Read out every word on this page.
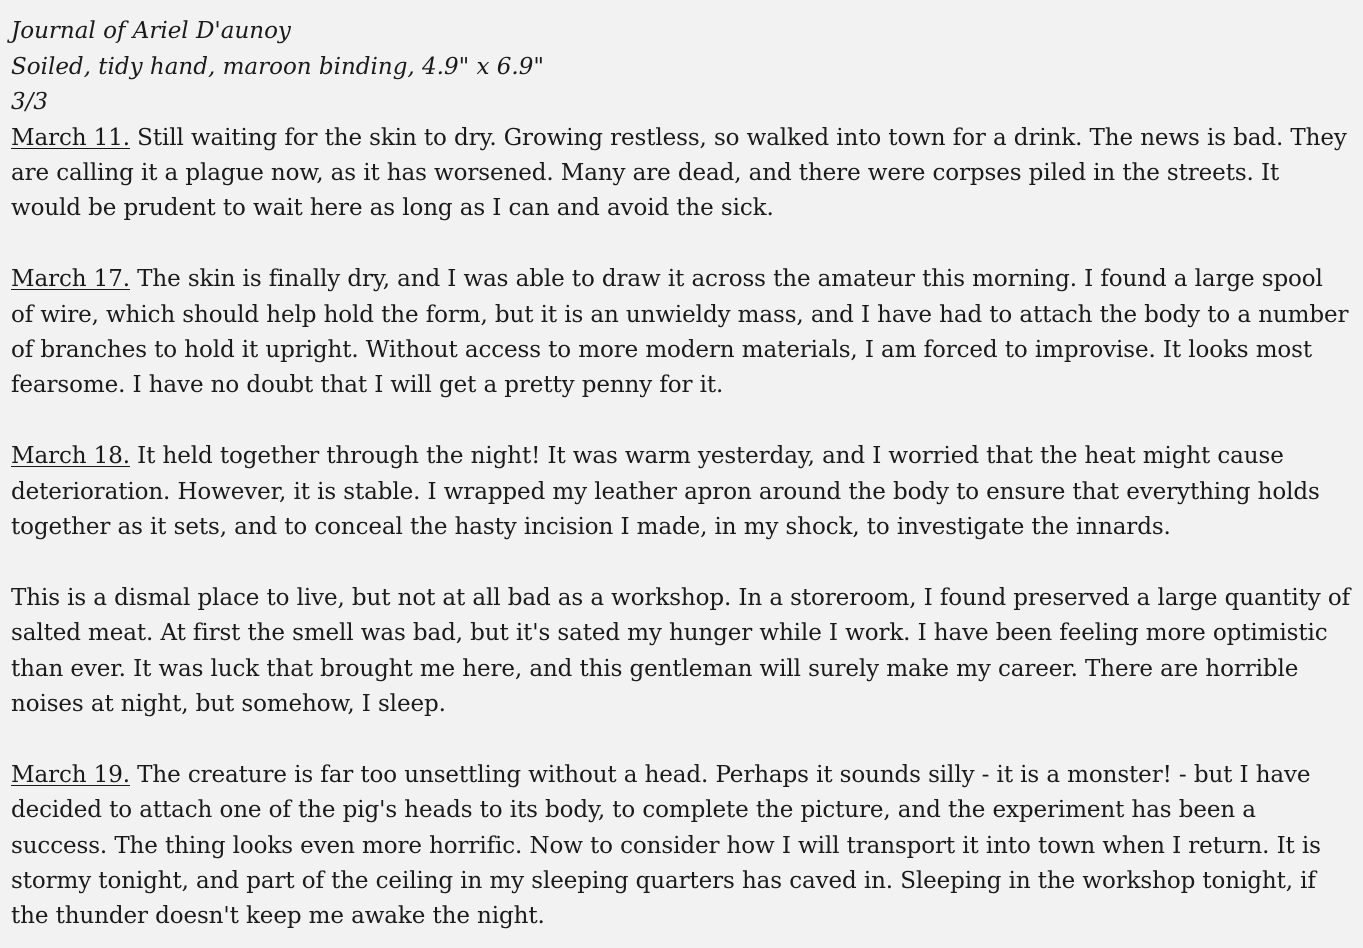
Journal of Ariel D'aunoy

Soiled, tidy hand, maroon binding, 4.9" x 6.9"

3/3

March 11. Still waiting for the skin to dry. Growing restless, so walked into town for a drink. The news is bad. They are calling it a plague now, as it has worsened. Many are dead, and there were corpses piled in the streets. It would be prudent to wait here as long as I can and avoid the sick.

March 17. The skin is finally dry, and I was able to draw it across the amateur this morning. I found a large spool of wire, which should help hold the form, but it is an unwieldy mass, and I have had to attach the body to a number of branches to hold it upright. Without access to more modern materials, I am forced to improvise. It looks most fearsome. I have no doubt that I will get a pretty penny for it.

March 18. It held together through the night! It was warm yesterday, and I worried that the heat might cause deterioration. However, it is stable. I wrapped my leather apron around the body to ensure that everything holds together as it sets, and to conceal the hasty incision I made, in my shock, to investigate the innards.

This is a dismal place to live, but not at all bad as a workshop. In a storeroom, I found preserved a large quantity of salted meat. At first the smell was bad, but it's sated my hunger while I work. I have been feeling more optimistic than ever. It was luck that brought me here, and this gentleman will surely make my career. There are horrible noises at night, but somehow, I sleep.

March 19. The creature is far too unsettling without a head. Perhaps it sounds silly - it is a monster! - but I have decided to attach one of the pig's heads to its body, to complete the picture, and the experiment has been a success. The thing looks even more horrific. Now to consider how I will transport it into town when I return. It is stormy tonight, and part of the ceiling in my sleeping quarters has caved in. Sleeping in the workshop tonight, if the thunder doesn't keep me awake the night.
